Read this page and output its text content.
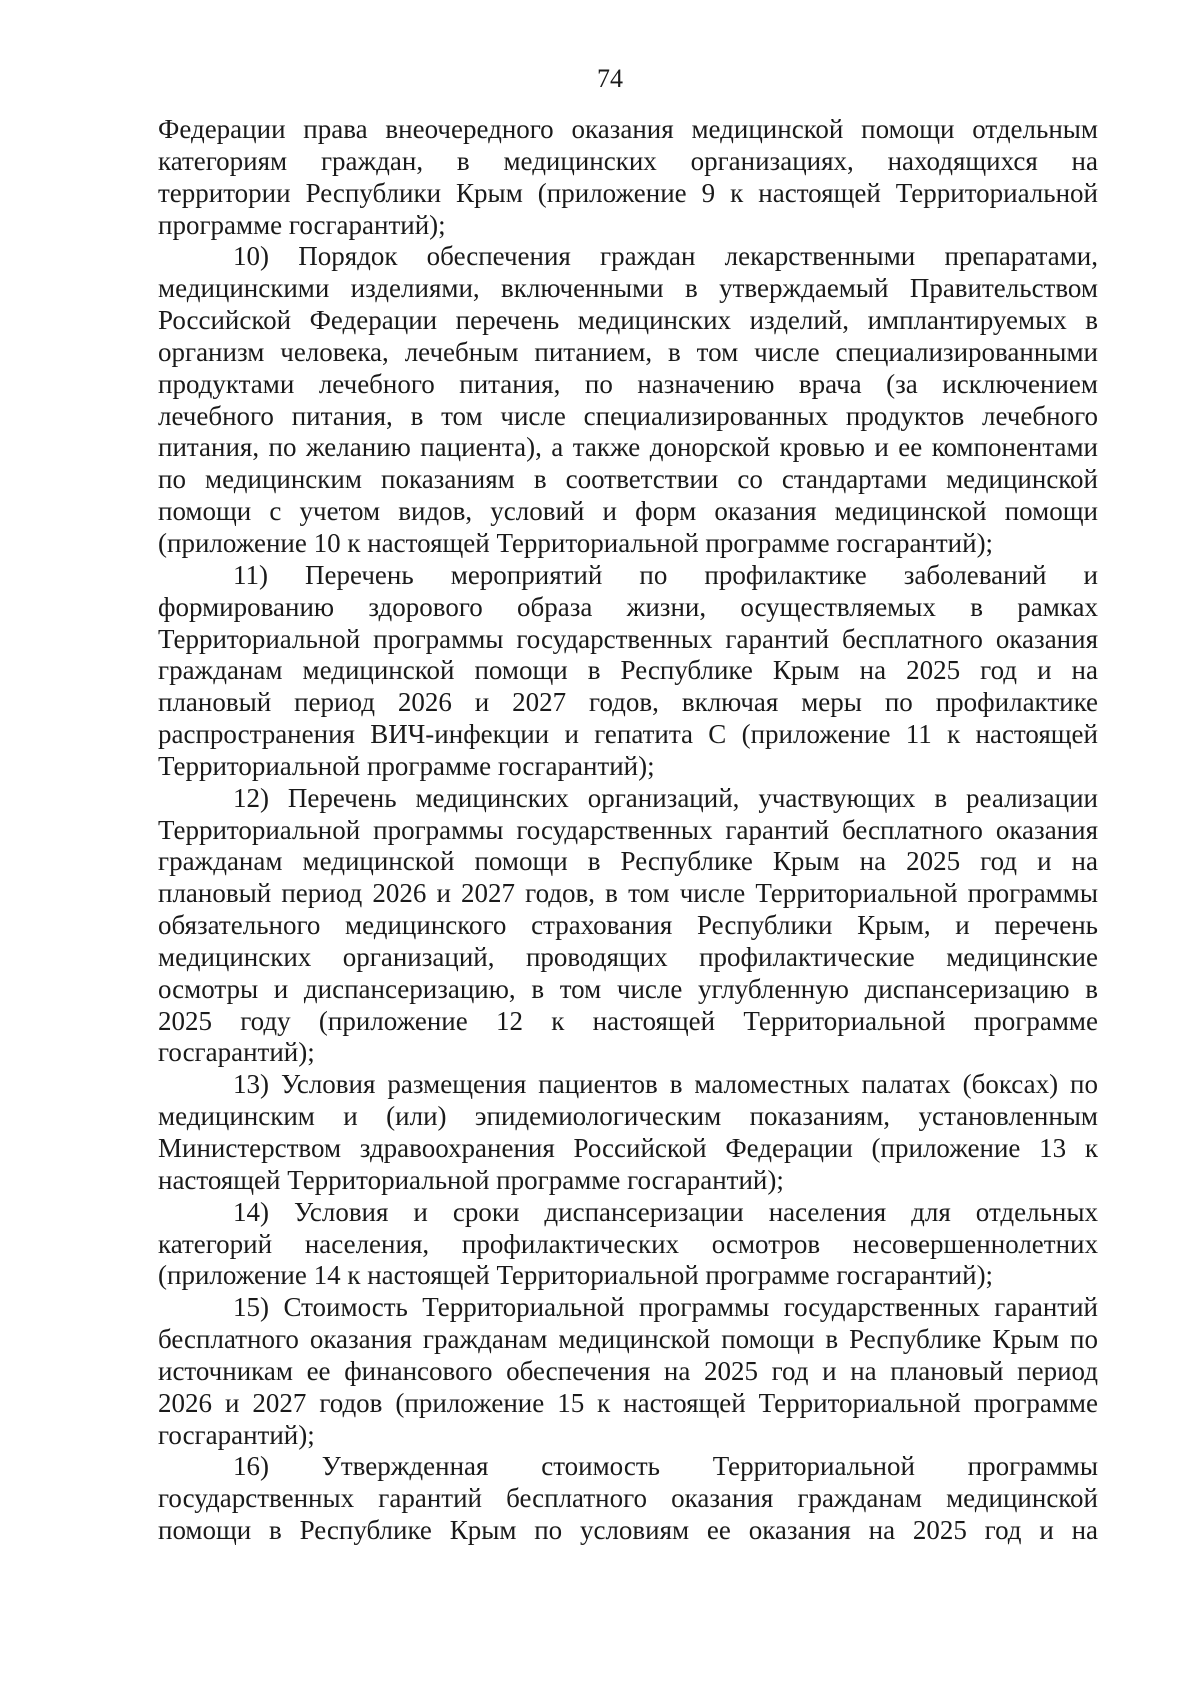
74
Федерации права внеочередного оказания медицинской помощи отдельным
категориям граждан, в медицинских организациях, находящихся на
территории Республики Крым (приложение 9 к настоящей Территориальной
программе госгарантий);
10) Порядок обеспечения граждан лекарственными препаратами,
медицинскими изделиями, включенными в утверждаемый Правительством
Российской Федерации перечень медицинских изделий, имплантируемых в
организм человека, лечебным питанием, в том числе специализированными
продуктами лечебного питания, по назначению врача (за исключением
лечебного питания, в том числе специализированных продуктов лечебного
питания, по желанию пациента), а также донорской кровью и ее компонентами
по медицинским показаниям в соответствии со стандартами медицинской
помощи с учетом видов, условий и форм оказания медицинской помощи
(приложение 10 к настоящей Территориальной программе госгарантий);
11) Перечень мероприятий по профилактике заболеваний и
формированию здорового образа жизни, осуществляемых в рамках
Территориальной программы государственных гарантий бесплатного оказания
гражданам медицинской помощи в Республике Крым на 2025 год и на
плановый период 2026 и 2027 годов, включая меры по профилактике
распространения ВИЧ-инфекции и гепатита С (приложение 11 к настоящей
Территориальной программе госгарантий);
12) Перечень медицинских организаций, участвующих в реализации
Территориальной программы государственных гарантий бесплатного оказания
гражданам медицинской помощи в Республике Крым на 2025 год и на
плановый период 2026 и 2027 годов, в том числе Территориальной программы
обязательного медицинского страхования Республики Крым, и перечень
медицинских организаций, проводящих профилактические медицинские
осмотры и диспансеризацию, в том числе углубленную диспансеризацию в
2025 году (приложение 12 к настоящей Территориальной программе
госгарантий);
13) Условия размещения пациентов в маломестных палатах (боксах) по
медицинским и (или) эпидемиологическим показаниям, установленным
Министерством здравоохранения Российской Федерации (приложение 13 к
настоящей Территориальной программе госгарантий);
14) Условия и сроки диспансеризации населения для отдельных
категорий населения, профилактических осмотров несовершеннолетних
(приложение 14 к настоящей Территориальной программе госгарантий);
15) Стоимость Территориальной программы государственных гарантий
бесплатного оказания гражданам медицинской помощи в Республике Крым по
источникам ее финансового обеспечения на 2025 год и на плановый период
2026 и 2027 годов (приложение 15 к настоящей Территориальной программе
госгарантий);
16) Утвержденная стоимость Территориальной программы
государственных гарантий бесплатного оказания гражданам медицинской
помощи в Республике Крым по условиям ее оказания на 2025 год и на
